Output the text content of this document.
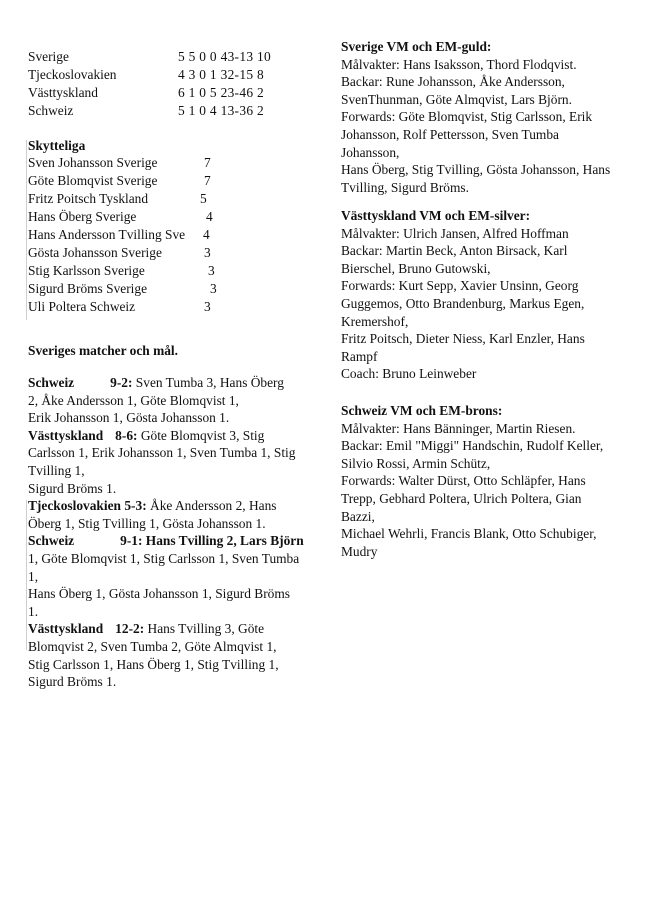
Sverige	5 5 0 0 43-13 10
Tjeckoslovakien	4 3 0 1 32-15 8
Västtyskland	6 1 0 5 23-46 2
Schweiz	5 1 0 4 13-36 2
Skytteliga
Sven Johansson Sverige	7
Göte Blomqvist Sverige	7
Fritz Poitsch Tyskland	5
Hans Öberg Sverige	4
Hans Andersson Tvilling Sve 4
Gösta Johansson Sverige	3
Stig Karlsson Sverige	3
Sigurd Bröms Sverige	3
Uli Poltera Schweiz	3
Sveriges matcher och mål.
Schweiz	9-2: Sven Tumba 3, Hans Öberg
2, Åke Andersson 1, Göte Blomqvist 1,
Erik Johansson 1, Gösta Johansson 1.
Västtyskland 8-6: Göte Blomqvist 3, Stig
Carlsson 1, Erik Johansson 1, Sven Tumba 1, Stig
Tvilling 1,
Sigurd Bröms 1.
Tjeckoslovakien 5-3: Åke Andersson 2, Hans
Öberg 1, Stig Tvilling 1, Gösta Johansson 1.
Schweiz	9-1: Hans Tvilling 2, Lars Björn
1, Göte Blomqvist 1, Stig Carlsson 1, Sven Tumba
1,
Hans Öberg 1, Gösta Johansson 1, Sigurd Bröms
1.
Västtyskland 12-2: Hans Tvilling 3, Göte
Blomqvist 2, Sven Tumba 2, Göte Almqvist 1,
Stig Carlsson 1, Hans Öberg 1, Stig Tvilling 1,
Sigurd Bröms 1.
Sverige VM och EM-guld:
Målvakter: Hans Isaksson, Thord Flodqvist.
Backar: Rune Johansson, Åke Andersson,
SvenThunman, Göte Almqvist, Lars Björn.
Forwards: Göte Blomqvist, Stig Carlsson, Erik
Johansson, Rolf Pettersson, Sven Tumba
Johansson,
Hans Öberg, Stig Tvilling, Gösta Johansson, Hans
Tvilling, Sigurd Bröms.
Västtyskland VM och EM-silver:
Målvakter: Ulrich Jansen, Alfred Hoffman
Backar: Martin Beck, Anton Birsack, Karl
Bierschel, Bruno Gutowski,
Forwards: Kurt Sepp, Xavier Unsinn, Georg
Guggemos, Otto Brandenburg, Markus Egen,
Kremershof,
Fritz Poitsch, Dieter Niess, Karl Enzler, Hans
Rampf
Coach: Bruno Leinweber
Schweiz VM och EM-brons:
Målvakter: Hans Bänninger, Martin Riesen.
Backar: Emil "Miggi" Handschin, Rudolf Keller,
Silvio Rossi, Armin Schütz,
Forwards: Walter Dürst, Otto Schläpfer, Hans
Trepp, Gebhard Poltera, Ulrich Poltera, Gian
Bazzi,
Michael Wehrli, Francis Blank, Otto Schubiger,
Mudry
